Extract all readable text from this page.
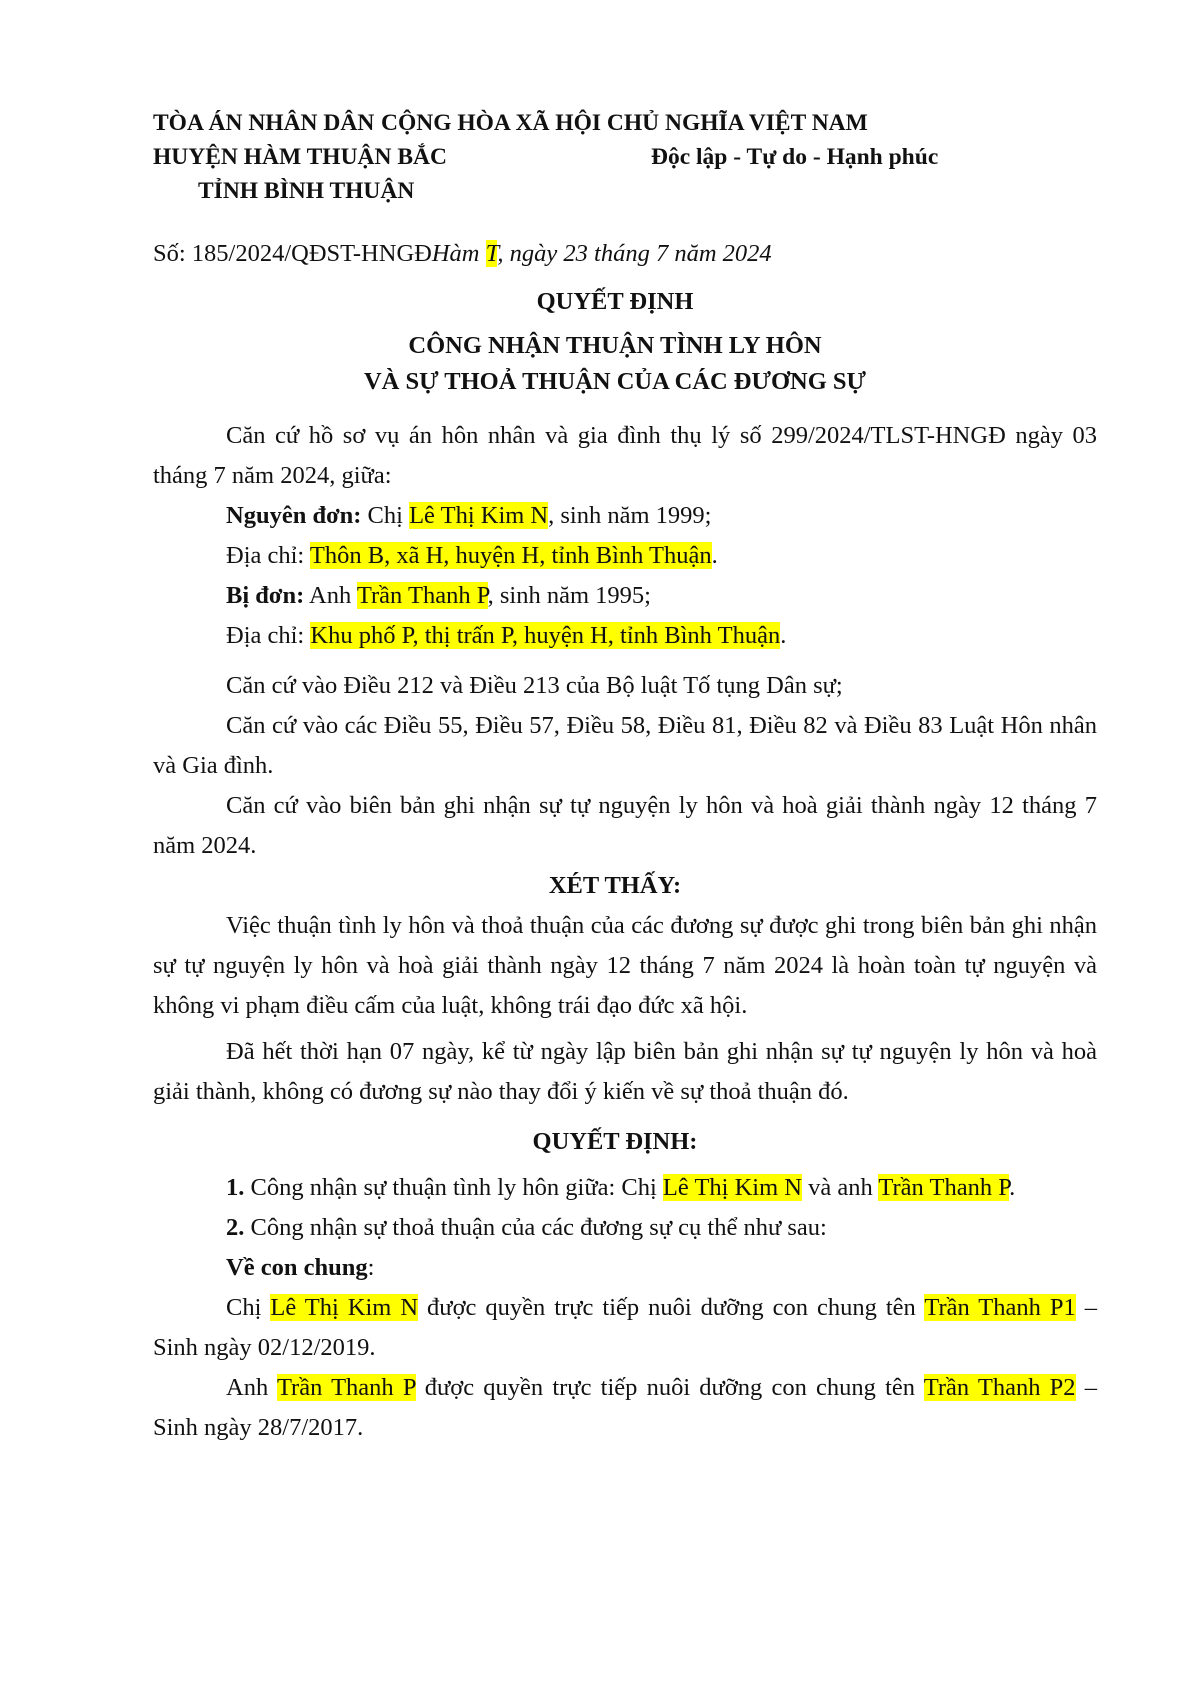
TÒA ÁN NHÂN DÂN CỘNG HÒA XÃ HỘI CHỦ NGHĨA VIỆT NAM
HUYỆN HÀM THUẬN BẮC	Độc lập - Tự do - Hạnh phúc
TỈNH BÌNH THUẬN
Số: 185/2024/QĐST-HNGĐHàm T, ngày 23 tháng 7 năm 2024
QUYẾT ĐỊNH
CÔNG NHẬN THUẬN TÌNH LY HÔN
VÀ SỰ THOẢ THUẬN CỦA CÁC ĐƯƠNG SỰ

Căn cứ hồ sơ vụ án hôn nhân và gia đình thụ lý số 299/2024/TLST-HNGĐ ngày 03 tháng 7 năm 2024, giữa:

Nguyên đơn: Chị Lê Thị Kim N, sinh năm 1999;
Địa chỉ: Thôn B, xã H, huyện H, tỉnh Bình Thuận.
Bị đơn: Anh Trần Thanh P, sinh năm 1995;
Địa chỉ: Khu phố P, thị trấn P, huyện H, tỉnh Bình Thuận.

Căn cứ vào Điều 212 và Điều 213 của Bộ luật Tố tụng Dân sự;

Căn cứ vào các Điều 55, Điều 57, Điều 58, Điều 81, Điều 82 và Điều 83 Luật Hôn nhân và Gia đình.

Căn cứ vào biên bản ghi nhận sự tự nguyện ly hôn và hoà giải thành ngày 12 tháng 7 năm 2024.

XÉT THẤY:

Việc thuận tình ly hôn và thoả thuận của các đương sự được ghi trong biên bản ghi nhận sự tự nguyện ly hôn và hoà giải thành ngày 12 tháng 7 năm 2024 là hoàn toàn tự nguyện và không vi phạm điều cấm của luật, không trái đạo đức xã hội.

Đã hết thời hạn 07 ngày, kể từ ngày lập biên bản ghi nhận sự tự nguyện ly hôn và hoà giải thành, không có đương sự nào thay đổi ý kiến về sự thoả thuận đó.

QUYẾT ĐỊNH:

1. Công nhận sự thuận tình ly hôn giữa: Chị Lê Thị Kim N và anh Trần Thanh P.

2. Công nhận sự thoả thuận của các đương sự cụ thể như sau:

Về con chung:

Chị Lê Thị Kim N được quyền trực tiếp nuôi dưỡng con chung tên Trần Thanh P1 – Sinh ngày 02/12/2019.

Anh Trần Thanh P được quyền trực tiếp nuôi dưỡng con chung tên Trần Thanh P2 – Sinh ngày 28/7/2017.
